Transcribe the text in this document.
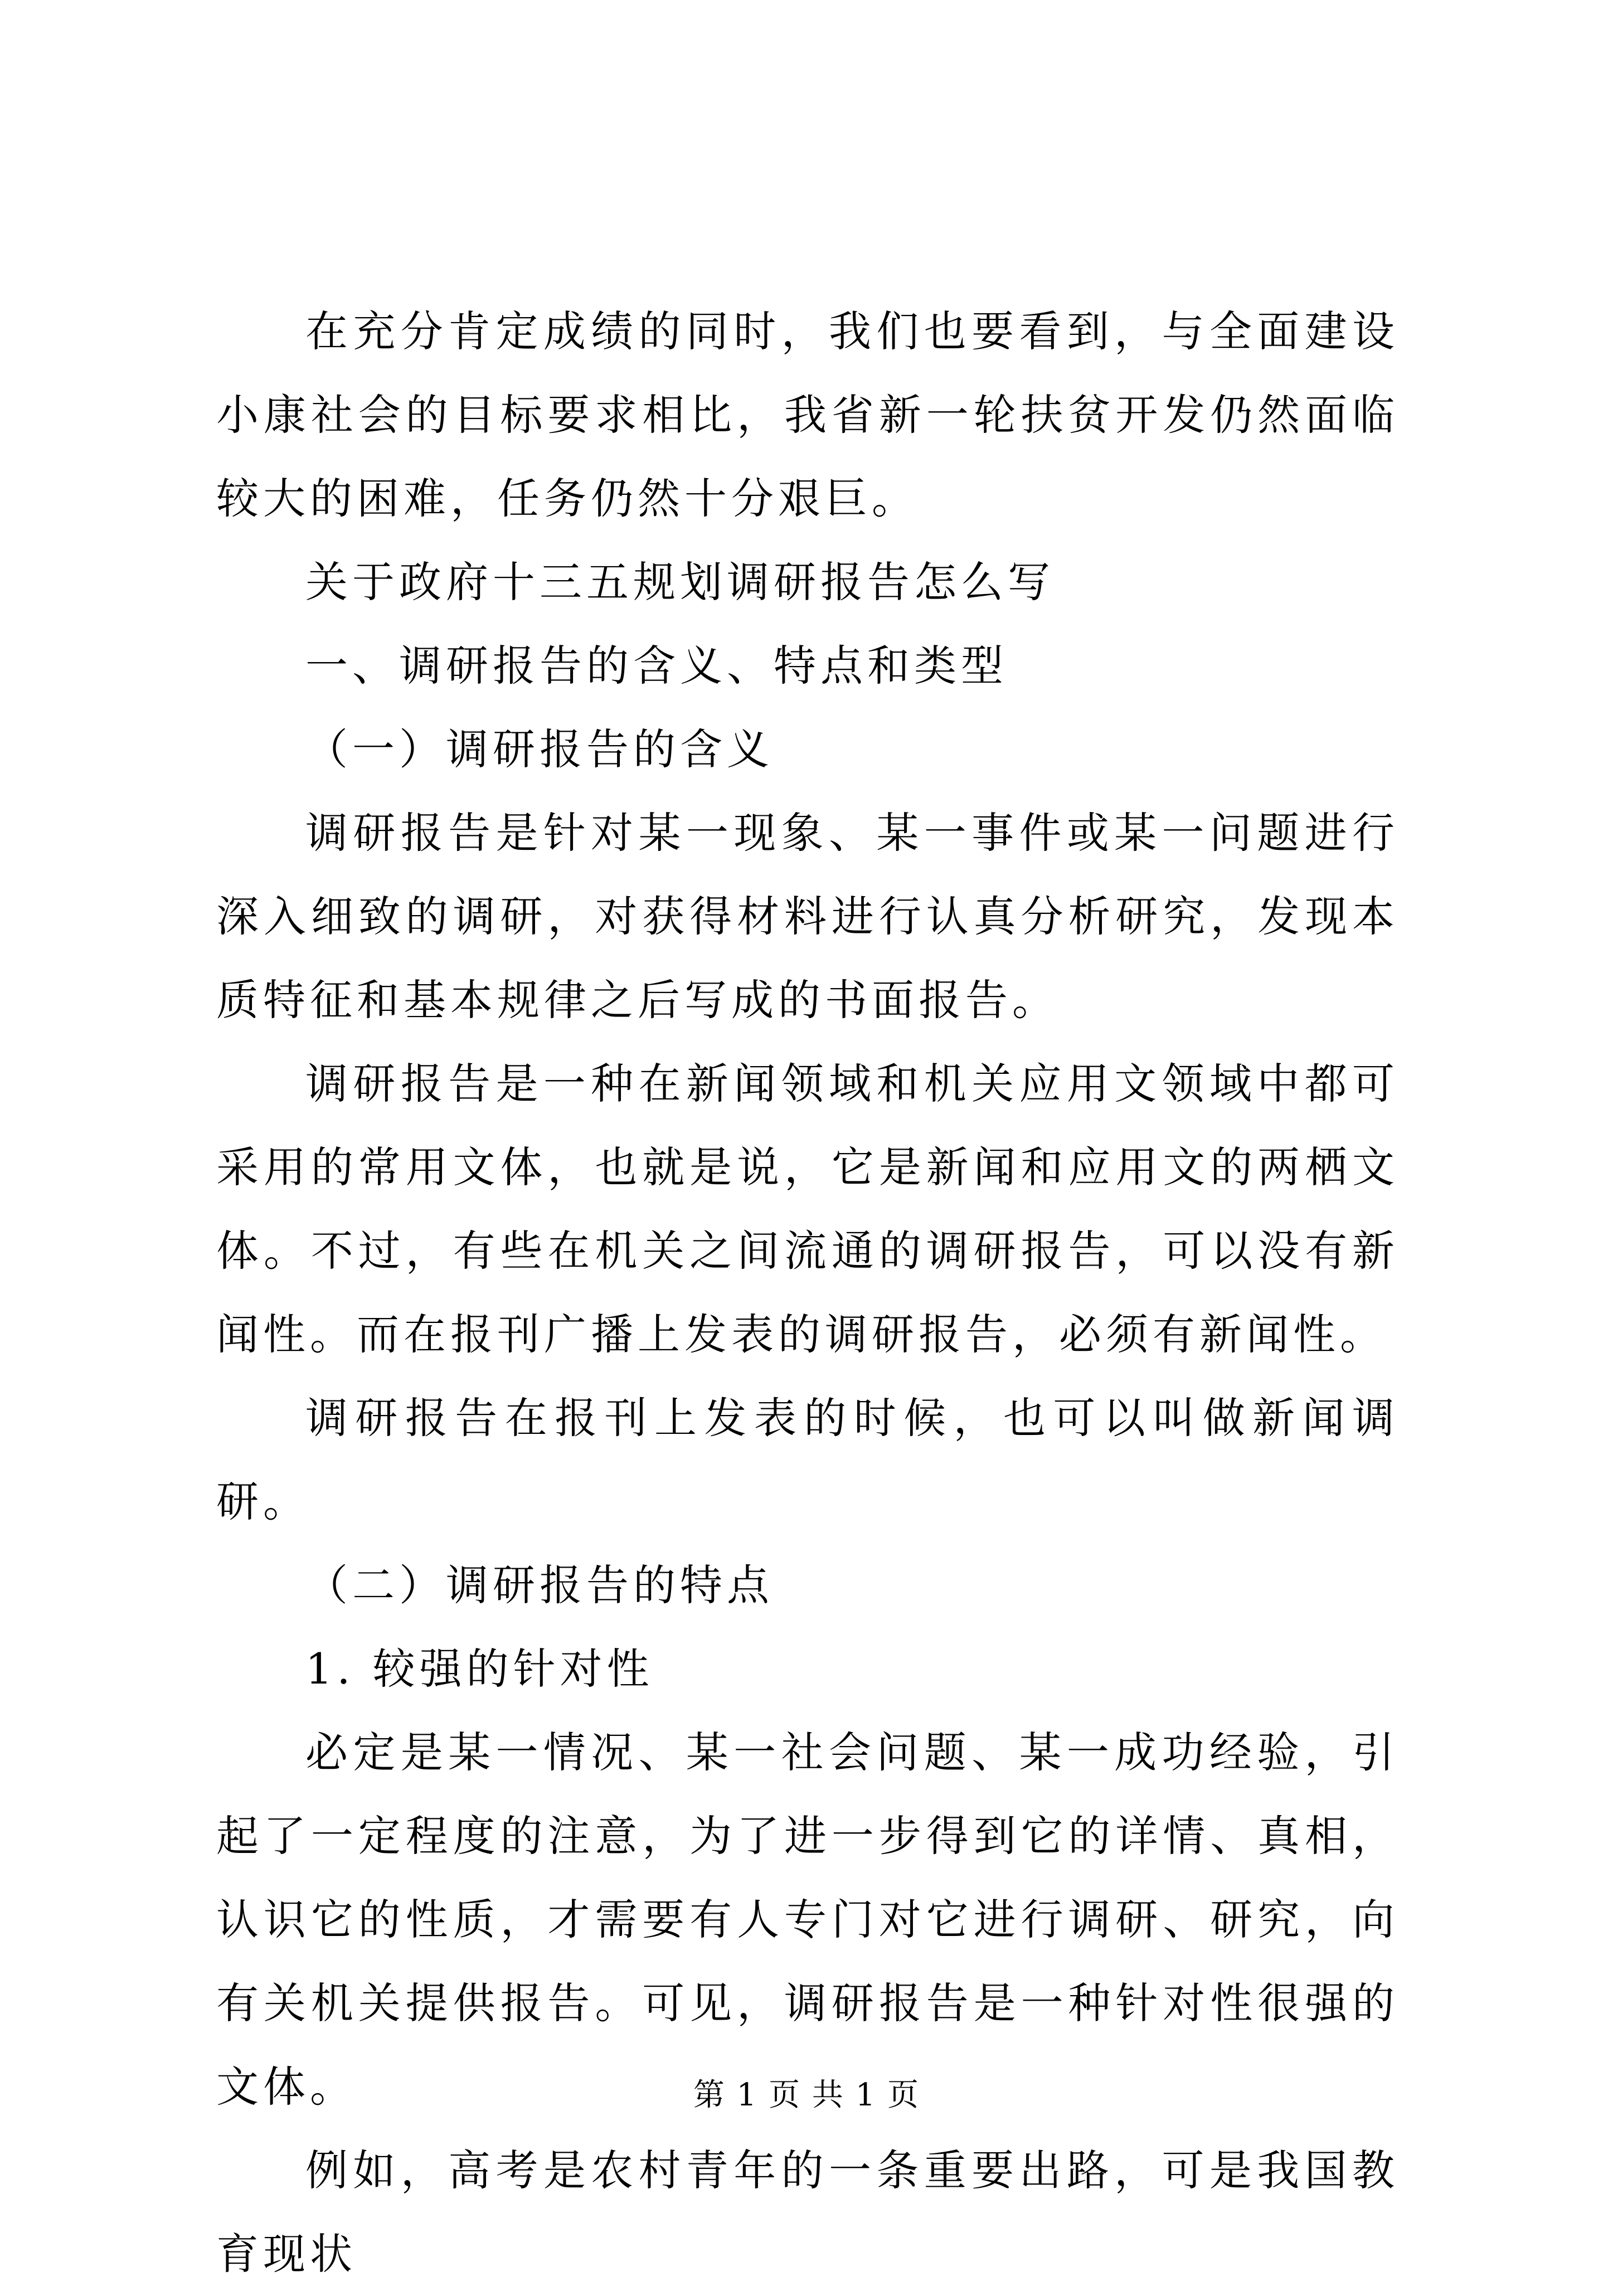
在充分肯定成绩的同时，我们也要看到，与全面建设小康社会的目标要求相比，我省新一轮扶贫开发仍然面临较大的困难，任务仍然十分艰巨。

关于政府十三五规划调研报告怎么写

一、调研报告的含义、特点和类型

（一）调研报告的含义

调研报告是针对某一现象、某一事件或某一问题进行深入细致的调研，对获得材料进行认真分析研究，发现本质特征和基本规律之后写成的书面报告。

调研报告是一种在新闻领域和机关应用文领域中都可采用的常用文体，也就是说，它是新闻和应用文的两栖文体。不过，有些在机关之间流通的调研报告，可以没有新闻性。而在报刊广播上发表的调研报告，必须有新闻性。

调研报告在报刊上发表的时候，也可以叫做新闻调研。

（二）调研报告的特点

1. 较强的针对性

必定是某一情况、某一社会问题、某一成功经验，引起了一定程度的注意，为了进一步得到它的详情、真相，认识它的性质，才需要有人专门对它进行调研、研究，向有关机关提供报告。可见，调研报告是一种针对性很强的文体。

例如，高考是农村青年的一条重要出路，可是我国教育现状

第 1 页 共 1 页
